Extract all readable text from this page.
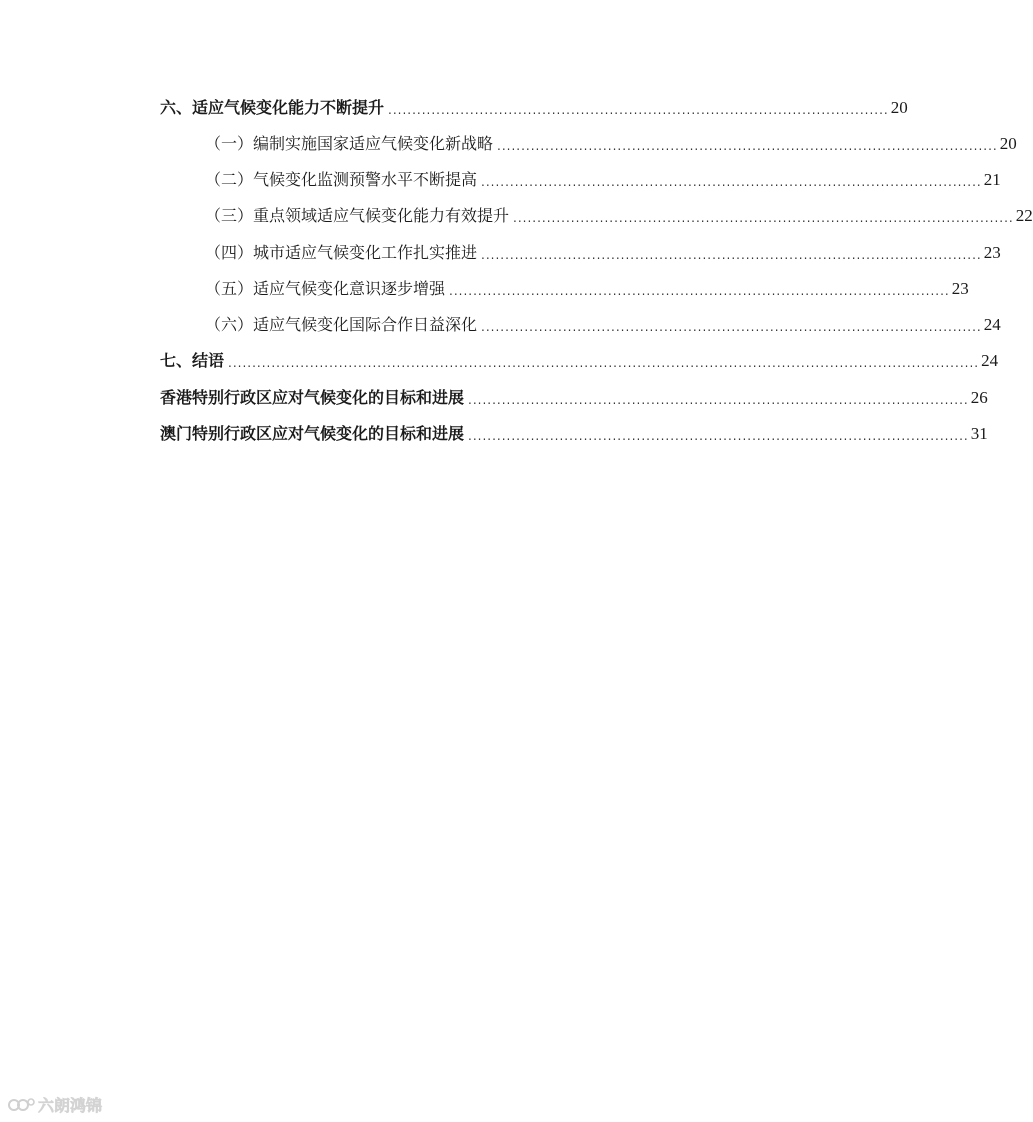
六、 适应气候变化能力不断提升 ........................................................................................................ 20
（一）编制实施国家适应气候变化新战略 ........................................................................................................ 20
（二）气候变化监测预警水平不断提高 ........................................................................................................ 21
（三）重点领域适应气候变化能力有效提升 ........................................................................................................ 22
（四）城市适应气候变化工作扎实推进 ........................................................................................................ 23
（五）适应气候变化意识逐步增强 ........................................................................................................ 23
（六）适应气候变化国际合作日益深化 ........................................................................................................ 24
七、结语 ............................................................................................................................................................ 24
香港特别行政区应对气候变化的目标和进展 ........................................................................................................ 26
澳门特别行政区应对气候变化的目标和进展 ........................................................................................................ 31
六朗鸿锦
